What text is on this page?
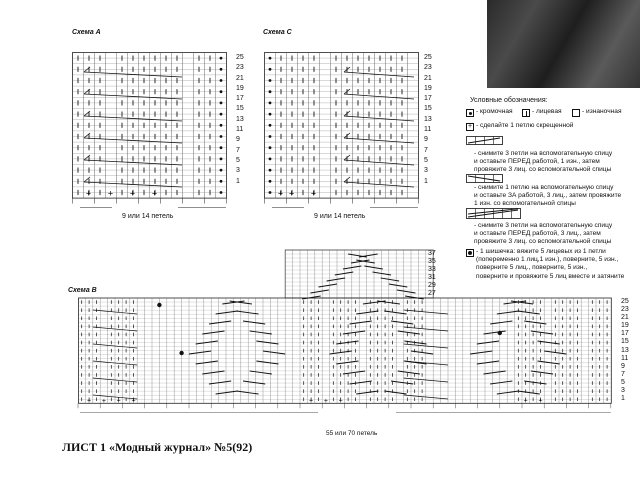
Схема А
+ + + +
25
23
21
19
17
15
13
11
9
7
5
3
1
9 или 14 петель
Схема С
+ + +
25
23
21
19
17
15
13
11
9
7
5
3
1
9 или 14 петель
Условные обозначения:
- кромочная	- лицевая	- изнаночная
+ - сделайте 1 петлю скрещенной
- снимите 3 петли на вспомогательную спицу
и оставьте ПЕРЕД работой, 1 изн., затем
провяжите 3 лиц. со вспомогательной спицы
- снимите 1 петлю на вспомогательную спицу
и оставьте ЗА работой, 3 лиц., затем провяжите
1 изн. со вспомогательной спицы
- снимите 3 петли на вспомогательную спицу
и оставьте ПЕРЕД работой, 3 лиц., затем
провяжите 3 лиц. со вспомогательной спицы
- 1 шишечка: вяжите 5 лицевых из 1 петли
(попеременно 1 лиц,1 изн.), поверните, 5 изн.,
поверните 5 лиц., поверните, 5 изн.,
поверните и провяжите 5 лиц вместе и затяните
Схема В
+ + + +	+ + +	+ +
37
35
33
31
29
27
25
23
21
19
17
15
13
11
9
7
5
3
1
55 или 70 петель
ЛИСТ 1 «Модный журнал» №5(92)
